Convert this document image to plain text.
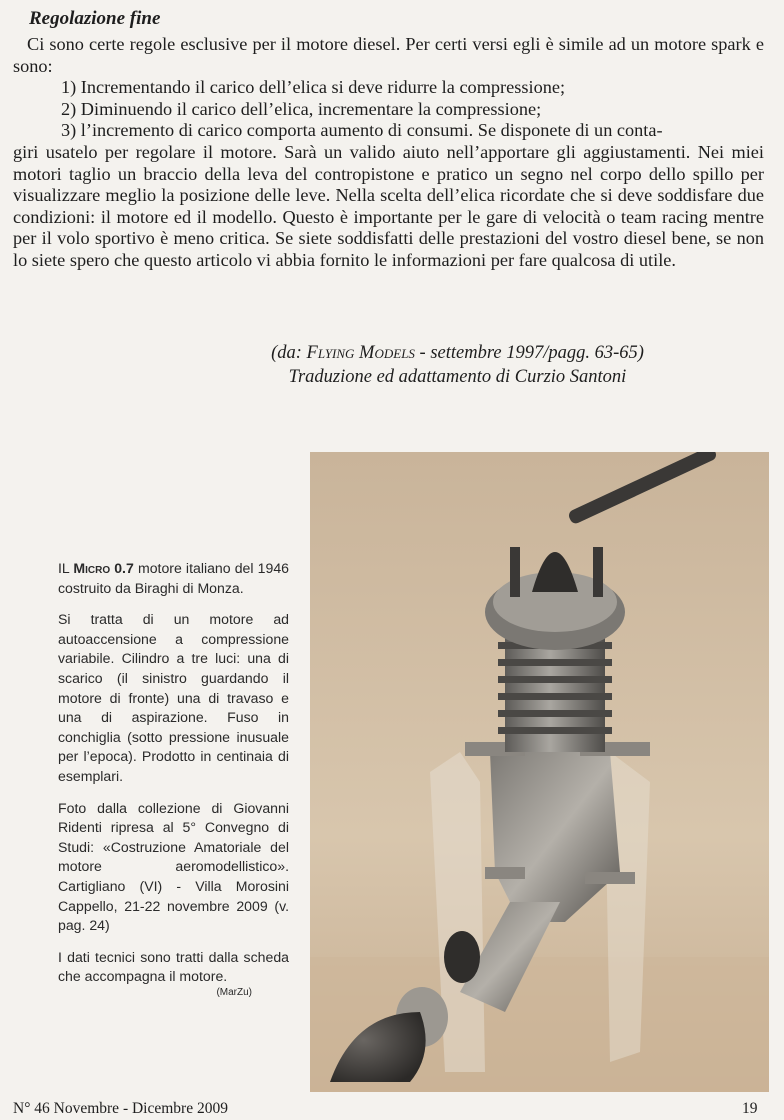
Regolazione fine

Ci sono certe regole esclusive per il motore diesel. Per certi versi egli è simile ad un motore spark e sono:

1) Incrementando il carico dell’elica si deve ridurre la compressione;

2) Diminuendo il carico dell’elica, incrementare la compressione;

3) l’incremento di carico comporta aumento di consumi. Se disponete di un conta-

giri usatelo per regolare il motore. Sarà un valido aiuto nell’apportare gli aggiustamenti. Nei miei motori taglio un braccio della leva del contropistone e pratico un segno nel corpo dello spillo per visualizzare meglio la posizione delle leve. Nella scelta dell’elica ricordate che si deve soddisfare due condizioni: il motore ed il modello. Questo è importante per le gare di velocità o team racing mentre per il volo sportivo è meno critica. Se siete soddisfatti delle prestazioni del vostro diesel bene, se non lo siete spero che questo articolo vi abbia fornito le informazioni per fare qualcosa di utile.

(da: Flying Models - settembre 1997/pagg. 63-65)
Traduzione ed adattamento di Curzio Santoni

IL Micro 0.7 motore italiano del 1946 costruito da Biraghi di Monza.

Si tratta di un motore ad autoaccensione a compressione variabile. Cilindro a tre luci: una di scarico (il sinistro guardando il motore di fronte) una di travaso e una di aspirazione. Fuso in conchiglia (sotto pressione inusuale per l’epoca). Prodotto in centinaia di esemplari.

Foto dalla collezione di Giovanni Ridenti ripresa al 5° Convegno di Studi: «Costruzione Amatoriale del motore aeromodellistico». Cartigliano (VI) - Villa Morosini Cappello, 21-22 novembre 2009 (v. pag. 24)

I dati tecnici sono tratti dalla scheda che accompagna il motore.

(MarZu)

N° 46 Novembre - Dicembre 2009	19
